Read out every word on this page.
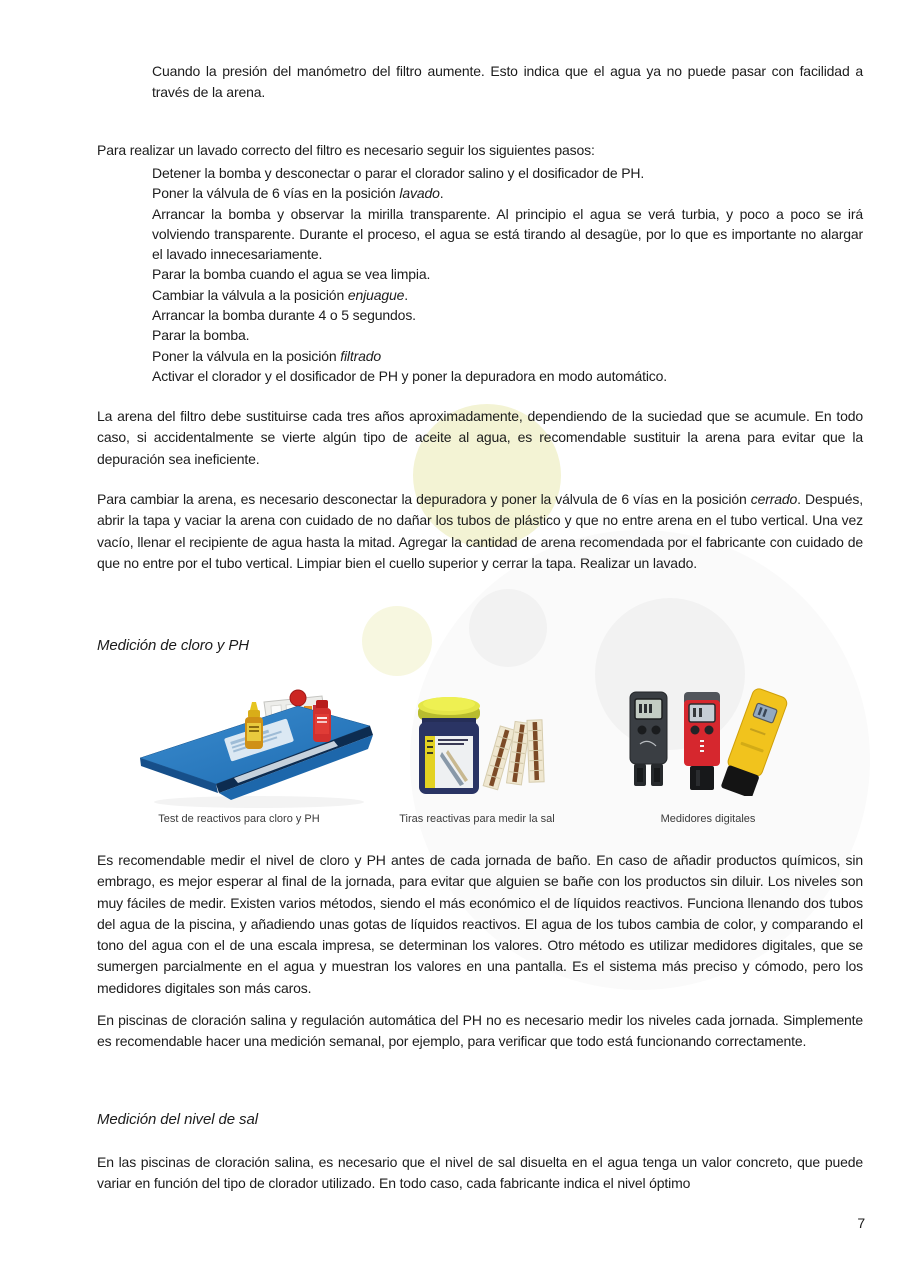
Cuando la presión del manómetro del filtro aumente. Esto indica que el agua ya no puede pasar con facilidad a través de la arena.
Para realizar un lavado correcto del filtro es necesario seguir los siguientes pasos:
Detener la bomba y desconectar o parar el clorador salino y el dosificador de PH.
Poner la válvula de 6 vías en la posición lavado.
Arrancar la bomba y observar la mirilla transparente. Al principio el agua se verá turbia, y poco a poco se irá volviendo transparente. Durante el proceso, el agua se está tirando al desagüe, por lo que es importante no alargar el lavado innecesariamente.
Parar la bomba cuando el agua se vea limpia.
Cambiar la válvula a la posición enjuague.
Arrancar la bomba durante 4 o 5 segundos.
Parar la bomba.
Poner la válvula en la posición filtrado
Activar el clorador y el dosificador de PH y poner la depuradora en modo automático.
La arena del filtro debe sustituirse cada tres años aproximadamente, dependiendo de la suciedad que se acumule. En todo caso, si accidentalmente se vierte algún tipo de aceite al agua, es recomendable sustituir la arena para evitar que la depuración sea ineficiente.
Para cambiar la arena, es necesario desconectar la depuradora y poner la válvula de 6 vías en la posición cerrado. Después, abrir la tapa y vaciar la arena con cuidado de no dañar los tubos de plástico y que no entre arena en el tubo vertical. Una vez vacío, llenar el recipiente de agua hasta la mitad. Agregar la cantidad de arena recomendada por el fabricante con cuidado de que no entre por el tubo vertical. Limpiar bien el cuello superior y cerrar la tapa. Realizar un lavado.
Medición de cloro y PH
Test de reactivos para cloro y PH	Tiras reactivas para medir la sal	Medidores digitales
Es recomendable medir el nivel de cloro y PH antes de cada jornada de baño. En caso de añadir productos químicos, sin embrago, es mejor esperar al final de la jornada, para evitar que alguien se bañe con los productos sin diluir. Los niveles son muy fáciles de medir. Existen varios métodos, siendo el más económico el de líquidos reactivos. Funciona llenando dos tubos del agua de la piscina, y añadiendo unas gotas de líquidos reactivos. El agua de los tubos cambia de color, y comparando el tono del agua con el de una escala impresa, se determinan los valores. Otro método es utilizar medidores digitales, que se sumergen parcialmente en el agua y muestran los valores en una pantalla. Es el sistema más preciso y cómodo, pero los medidores digitales son más caros.
En piscinas de cloración salina y regulación automática del PH no es necesario medir los niveles cada jornada. Simplemente es recomendable hacer una medición semanal, por ejemplo, para verificar que todo está funcionando correctamente.
Medición del nivel de sal
En las piscinas de cloración salina, es necesario que el nivel de sal disuelta en el agua tenga un valor concreto, que puede variar en función del tipo de clorador utilizado. En todo caso, cada fabricante indica el nivel óptimo
7
